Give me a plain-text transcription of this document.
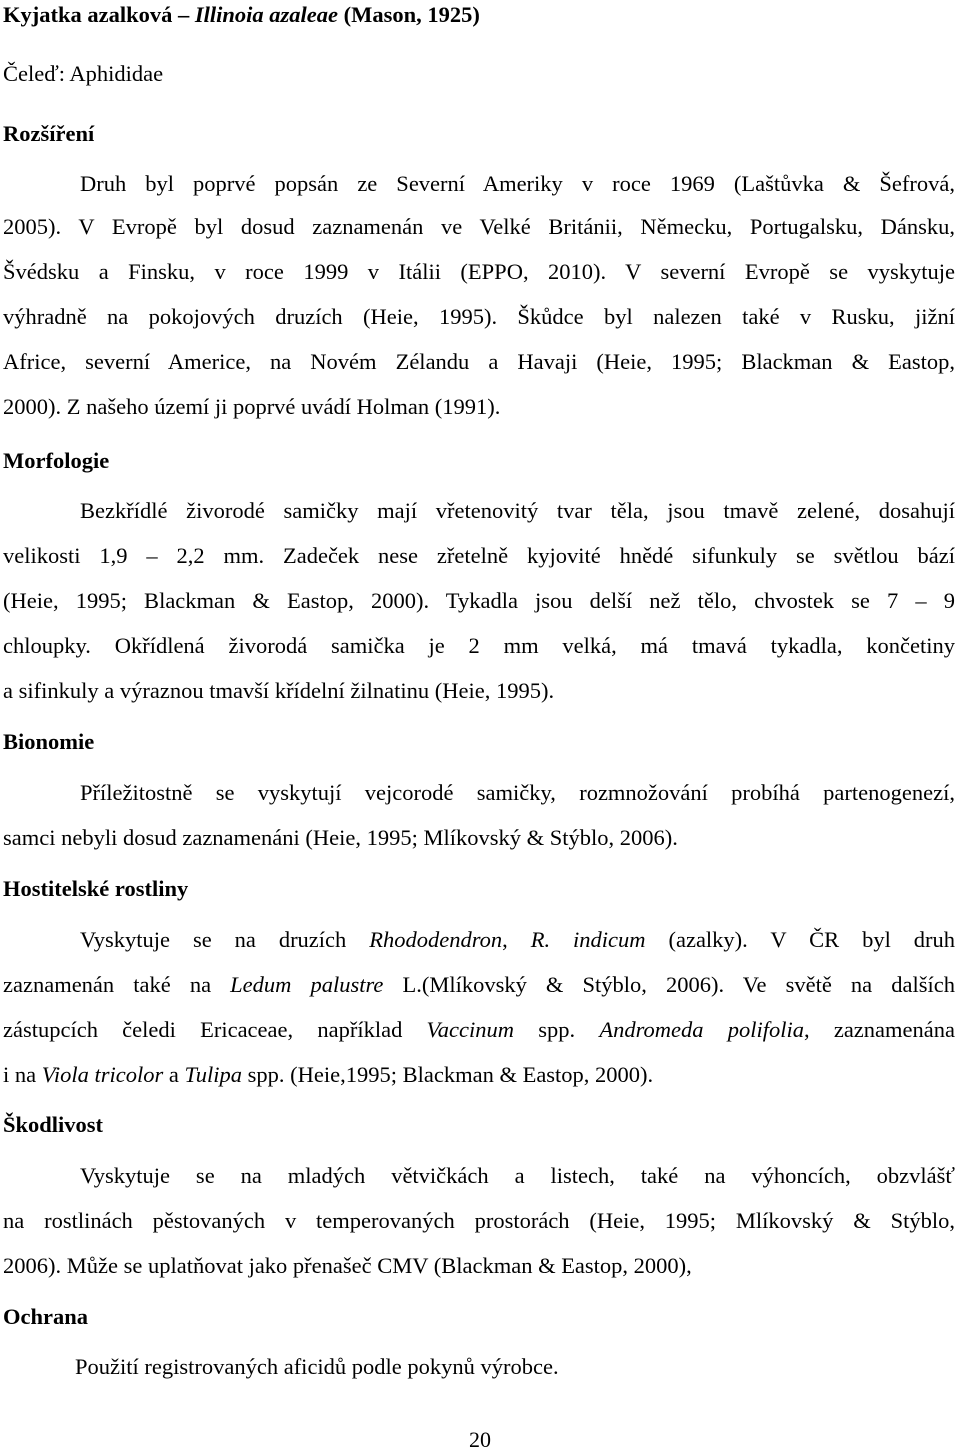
Kyjatka azalková – Illinoia azaleae (Mason, 1925)
Čeleď: Aphididae
Rozšíření
Druh byl poprvé popsán ze Severní Ameriky v roce 1969 (Laštůvka & Šefrová,
2005). V Evropě byl dosud zaznamenán ve Velké Británii, Německu, Portugalsku, Dánsku,
Švédsku a Finsku, v roce 1999 v Itálii (EPPO, 2010). V severní Evropě se vyskytuje
výhradně na pokojových druzích (Heie, 1995). Škůdce byl nalezen také v Rusku, jižní
Africe, severní Americe, na Novém Zélandu a Havaji (Heie, 1995; Blackman & Eastop,
2000). Z našeho území ji poprvé uvádí Holman (1991).
Morfologie
Bezkřídlé živorodé samičky mají vřetenovitý tvar těla, jsou tmavě zelené, dosahují
velikosti 1,9 – 2,2 mm. Zadeček nese zřetelně kyjovité hnědé sifunkuly se světlou bází
(Heie, 1995; Blackman & Eastop, 2000). Tykadla jsou delší než tělo, chvostek se 7 – 9
chloupky. Okřídlená živorodá samička je 2 mm velká, má tmavá tykadla, končetiny
a sifinkuly a výraznou tmavší křídelní žilnatinu (Heie, 1995).
Bionomie
Příležitostně se vyskytují vejcorodé samičky, rozmnožování probíhá partenogenezí,
samci nebyli dosud zaznamenáni (Heie, 1995; Mlíkovský & Stýblo, 2006).
Hostitelské rostliny
Vyskytuje se na druzích Rhododendron, R. indicum (azalky). V ČR byl druh
zaznamenán také na Ledum palustre L.(Mlíkovský & Stýblo, 2006). Ve světě na dalších
zástupcích čeledi Ericaceae, například Vaccinum spp. Andromeda polifolia, zaznamenána
i na Viola tricolor a Tulipa spp. (Heie,1995; Blackman & Eastop, 2000).
Škodlivost
Vyskytuje se na mladých větvičkách a listech, také na výhoncích, obzvlášť
na rostlinách pěstovaných v temperovaných prostorách (Heie, 1995; Mlíkovský & Stýblo,
2006). Může se uplatňovat jako přenašeč CMV (Blackman & Eastop, 2000),
Ochrana
Použití registrovaných aficidů podle pokynů výrobce.
20
